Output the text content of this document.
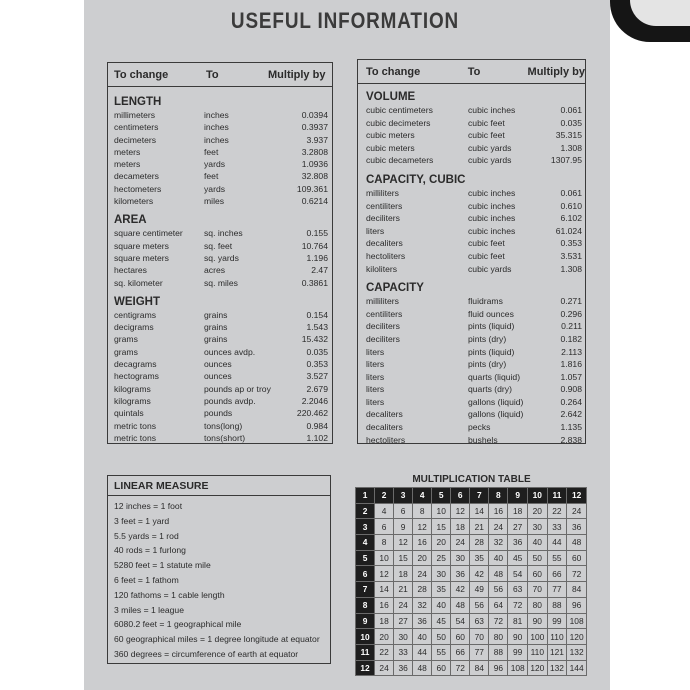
USEFUL INFORMATION
To change	To	Multiply by
LENGTH
millimeters	inches	0.0394
centimeters	inches	0.3937
decimeters	inches	3.937
meters	feet	3.2808
meters	yards	1.0936
decameters	feet	32.808
hectometers	yards	109.361
kilometers	miles	0.6214
AREA
square centimeter	sq. inches	0.155
square meters	sq. feet	10.764
square meters	sq. yards	1.196
hectares	acres	2.47
sq. kilometer	sq. miles	0.3861
WEIGHT
centigrams	grains	0.154
decigrams	grains	1.543
grams	grains	15.432
grams	ounces avdp.	0.035
decagrams	ounces	0.353
hectograms	ounces	3.527
kilograms	pounds ap or troy	2.679
kilograms	pounds avdp.	2.2046
quintals	pounds	220.462
metric tons	tons(long)	0.984
metric tons	tons(short)	1.102
To change	To	Multiply by
VOLUME
cubic centimeters	cubic inches	0.061
cubic decimeters	cubic feet	0.035
cubic meters	cubic feet	35.315
cubic meters	cubic yards	1.308
cubic decameters	cubic yards	1307.95
CAPACITY, CUBIC
milliliters	cubic inches	0.061
centiliters	cubic inches	0.610
deciliters	cubic inches	6.102
liters	cubic inches	61.024
decaliters	cubic feet	0.353
hectoliters	cubic feet	3.531
kiloliters	cubic yards	1.308
CAPACITY
milliliters	fluidrams	0.271
centiliters	fluid ounces	0.296
deciliters	pints (liquid)	0.211
deciliters	pints (dry)	0.182
liters	pints (liquid)	2.113
liters	pints (dry)	1.816
liters	quarts (liquid)	1.057
liters	quarts (dry)	0.908
liters	gallons (liquid)	0.264
decaliters	gallons (liquid)	2.642
decaliters	pecks	1.135
hectoliters	bushels	2.838
LINEAR MEASURE
12 inches = 1 foot
3 feet = 1 yard
5.5 yards = 1 rod
40 rods = 1 furlong
5280 feet = 1 statute mile
6 feet = 1 fathom
120 fathoms = 1 cable length
3 miles = 1 league
6080.2 feet = 1 geographical mile
60 geographical miles = 1 degree longitude at equator
360 degrees = circumference of earth at equator
MULTIPLICATION TABLE
1	2	3	4	5	6	7	8	9	10	11	12
2	4	6	8	10	12	14	16	18	20	22	24
3	6	9	12	15	18	21	24	27	30	33	36
4	8	12	16	20	24	28	32	36	40	44	48
5	10	15	20	25	30	35	40	45	50	55	60
6	12	18	24	30	36	42	48	54	60	66	72
7	14	21	28	35	42	49	56	63	70	77	84
8	16	24	32	40	48	56	64	72	80	88	96
9	18	27	36	45	54	63	72	81	90	99	108
10	20	30	40	50	60	70	80	90	100	110	120
11	22	33	44	55	66	77	88	99	110	121	132
12	24	36	48	60	72	84	96	108	120	132	144
